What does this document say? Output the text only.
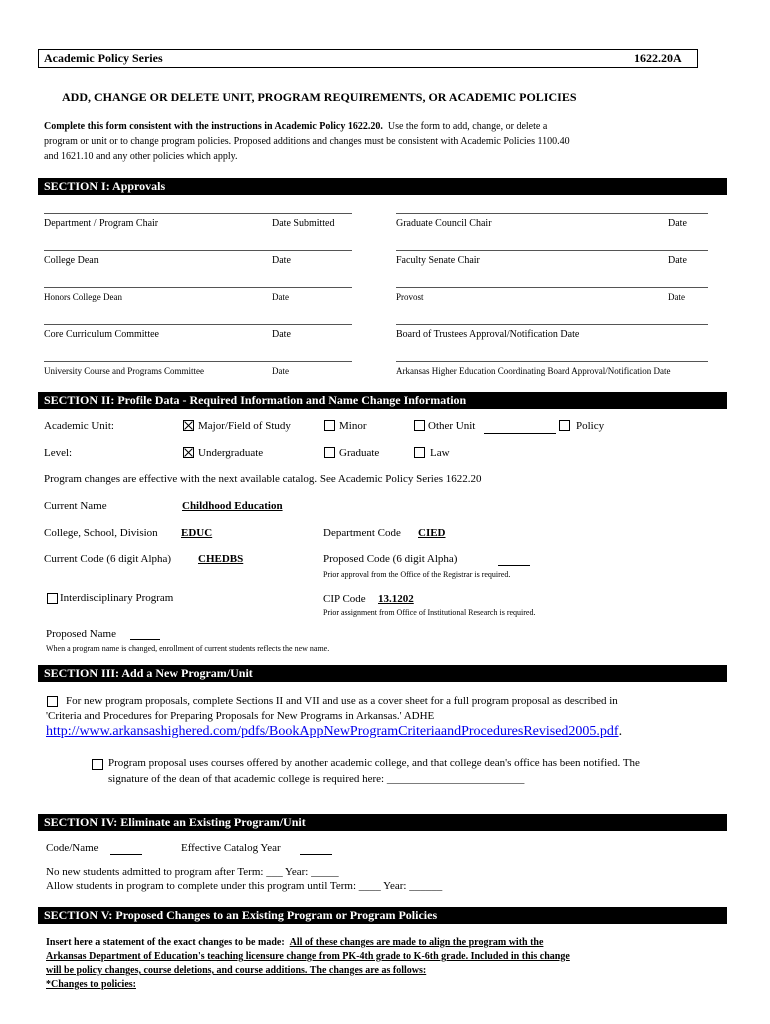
Academic Policy Series	1622.20A
ADD, CHANGE OR DELETE UNIT, PROGRAM REQUIREMENTS, OR ACADEMIC POLICIES
Complete this form consistent with the instructions in Academic Policy 1622.20. Use the form to add, change, or delete a
program or unit or to change program policies. Proposed additions and changes must be consistent with Academic Policies 1100.40
and 1621.10 and any other policies which apply.
SECTION I: Approvals
Department / Program Chair	Date Submitted	Graduate Council Chair	Date
College Dean	Date	Faculty Senate Chair	Date
Honors College Dean	Date	Provost	Date
Core Curriculum Committee	Date	Board of Trustees Approval/Notification Date
University Course and Programs Committee	Date	Arkansas Higher Education Coordinating Board Approval/Notification Date
SECTION II: Profile Data - Required Information and Name Change Information
Academic Unit:	Major/Field of Study	Minor	Other Unit	Policy
Level:	Undergraduate	Graduate	Law
Program changes are effective with the next available catalog. See Academic Policy Series 1622.20
Current Name	Childhood Education
College, School, Division EDUC	Department Code CIED
Current Code (6 digit Alpha) CHEDBS	Proposed Code (6 digit Alpha)
Prior approval from the Office of the Registrar is required.
Interdisciplinary Program	CIP Code 13.1202
Prior assignment from Office of Institutional Research is required.
Proposed Name
When a program name is changed, enrollment of current students reflects the new name.
SECTION III: Add a New Program/Unit
For new program proposals, complete Sections II and VII and use as a cover sheet for a full program proposal as described in
'Criteria and Procedures for Preparing Proposals for New Programs in Arkansas.' ADHE
http://www.arkansashighered.com/pdfs/BookAppNewProgramCriteriaandProceduresRevised2005.pdf.
Program proposal uses courses offered by another academic college, and that college dean's office has been notified. The
signature of the dean of that academic college is required here: _________________________
SECTION IV: Eliminate an Existing Program/Unit
Code/Name	Effective Catalog Year
No new students admitted to program after Term: ___ Year: _____
Allow students in program to complete under this program until Term: ____ Year: ______
SECTION V: Proposed Changes to an Existing Program or Program Policies
Insert here a statement of the exact changes to be made: All of these changes are made to align the program with the
Arkansas Department of Education's teaching licensure change from PK-4th grade to K-6th grade. Included in this change
will be policy changes, course deletions, and course additions. The changes are as follows:
*Changes to policies:
